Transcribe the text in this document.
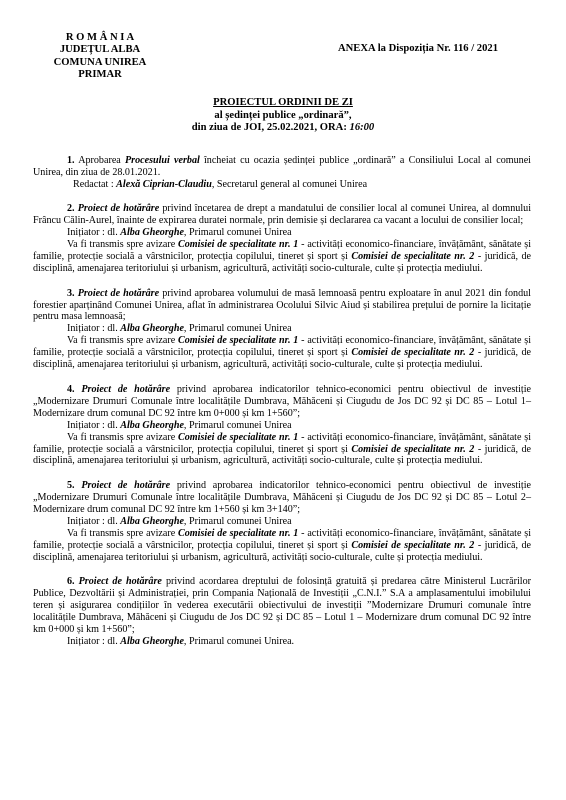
R O M Â N I A
JUDEȚUL ALBA
COMUNA UNIREA
PRIMAR
ANEXA la Dispoziția Nr. 116 / 2021
PROIECTUL ORDINII DE ZI
al ședinței publice „ordinară”,
din ziua de JOI, 25.02.2021, ORA: 16:00

1. Aprobarea Procesului verbal încheiat cu ocazia ședinței publice „ordinară” a Consiliului Local al comunei Unirea, din ziua de 28.01.2021.

Redactat : Alexă Ciprian-Claudiu, Secretarul general al comunei Unirea

2. Proiect de hotărâre privind încetarea de drept a mandatului de consilier local al comunei Unirea, al domnului Frâncu Călin-Aurel, înainte de expirarea duratei normale, prin demisie și declararea ca vacant a locului de consilier local;

Inițiator : dl. Alba Gheorghe, Primarul comunei Unirea

Va fi transmis spre avizare Comisiei de specialitate nr. 1 - activități economico-financiare, învățământ, sănătate și familie, protecție socială a vârstnicilor, protecția copilului, tineret și sport și Comisiei de specialitate nr. 2 - juridică, de disciplină, amenajarea teritoriului și urbanism, agricultură, activități socio-culturale, culte și protecția mediului.

3. Proiect de hotărâre privind aprobarea volumului de masă lemnoasă pentru exploatare în anul 2021 din fondul forestier aparținând Comunei Unirea, aflat în administrarea Ocolului Silvic Aiud și stabilirea prețului de pornire la licitație pentru masa lemnoasă;

Inițiator : dl. Alba Gheorghe, Primarul comunei Unirea

Va fi transmis spre avizare Comisiei de specialitate nr. 1 - activități economico-financiare, învățământ, sănătate și familie, protecție socială a vârstnicilor, protecția copilului, tineret și sport și Comisiei de specialitate nr. 2 - juridică, de disciplină, amenajarea teritoriului și urbanism, agricultură, activități socio-culturale, culte și protecția mediului.

4. Proiect de hotărâre privind aprobarea indicatorilor tehnico-economici pentru obiectivul de investiție „Modernizare Drumuri Comunale între localitățile Dumbrava, Măhăceni și Ciugudu de Jos DC 92 și DC 85 – Lotul 1– Modernizare drum comunal DC 92 între km 0+000 și km 1+560”;

Inițiator : dl. Alba Gheorghe, Primarul comunei Unirea

Va fi transmis spre avizare Comisiei de specialitate nr. 1 - activități economico-financiare, învățământ, sănătate și familie, protecție socială a vârstnicilor, protecția copilului, tineret și sport și Comisiei de specialitate nr. 2 - juridică, de disciplină, amenajarea teritoriului și urbanism, agricultură, activități socio-culturale, culte și protecția mediului.

5. Proiect de hotărâre privind aprobarea indicatorilor tehnico-economici pentru obiectivul de investiție „Modernizare Drumuri Comunale între localitățile Dumbrava, Măhăceni și Ciugudu de Jos DC 92 și DC 85 – Lotul 2– Modernizare drum comunal DC 92 între km 1+560 și km 3+140”;

Inițiator : dl. Alba Gheorghe, Primarul comunei Unirea

Va fi transmis spre avizare Comisiei de specialitate nr. 1 - activități economico-financiare, învățământ, sănătate și familie, protecție socială a vârstnicilor, protecția copilului, tineret și sport și Comisiei de specialitate nr. 2 - juridică, de disciplină, amenajarea teritoriului și urbanism, agricultură, activități socio-culturale, culte și protecția mediului.

6. Proiect de hotărâre privind acordarea dreptului de folosință gratuită și predarea către Ministerul Lucrărilor Publice, Dezvoltării și Administrației, prin Compania Națională de Investiții „C.N.I.” S.A a amplasamentului imobilului teren și asigurarea condițiilor în vederea executării obiectivului de investiții ”Modernizare Drumuri comunale între localitățile Dumbrava, Măhăceni și Ciugudu de Jos DC 92 și DC 85 – Lotul 1 – Modernizare drum comunal DC 92 între km 0+000 și km 1+560”;

Inițiator : dl. Alba Gheorghe, Primarul comunei Unirea.
